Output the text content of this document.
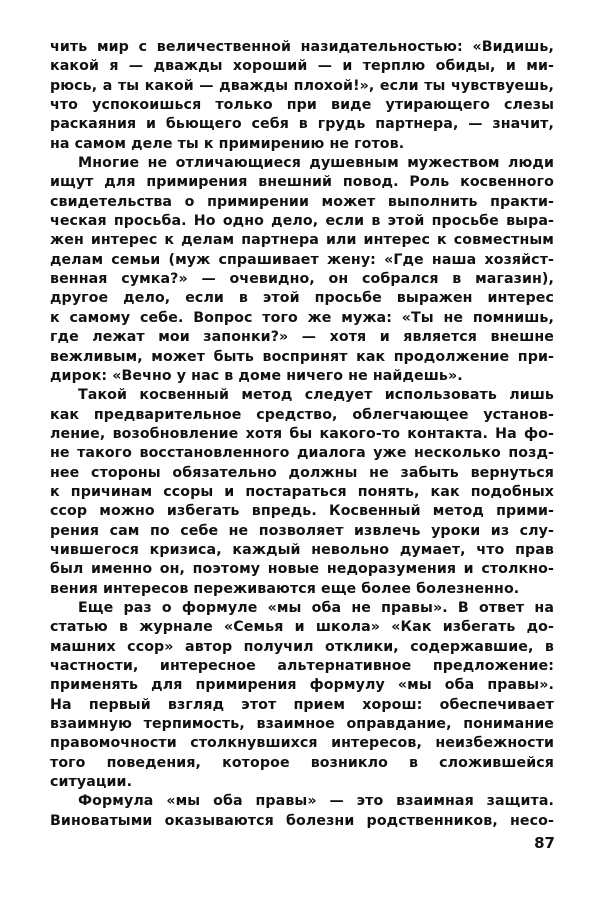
чить мир с величественной назидательностью: «Видишь,
какой я — дважды хороший — и терплю обиды, и ми-
рюсь, а ты какой — дважды плохой!», если ты чувствуешь,
что успокоишься только при виде утирающего слезы
раскаяния и бьющего себя в грудь партнера, — значит,
на самом деле ты к примирению не готов.
Многие не отличающиеся душевным мужеством люди
ищут для примирения внешний повод. Роль косвенного
свидетельства о примирении может выполнить практи-
ческая просьба. Но одно дело, если в этой просьбе выра-
жен интерес к делам партнера или интерес к совместным
делам семьи (муж спрашивает жену: «Где наша хозяйст-
венная сумка?» — очевидно, он собрался в магазин),
другое дело, если в этой просьбе выражен интерес
к самому себе. Вопрос того же мужа: «Ты не помнишь,
где лежат мои запонки?» — хотя и является внешне
вежливым, может быть воспринят как продолжение при-
дирок: «Вечно у нас в доме ничего не найдешь».
Такой косвенный метод следует использовать лишь
как предварительное средство, облегчающее установ-
ление, возобновление хотя бы какого-то контакта. На фо-
не такого восстановленного диалога уже несколько позд-
нее стороны обязательно должны не забыть вернуться
к причинам ссоры и постараться понять, как подобных
ссор можно избегать впредь. Косвенный метод прими-
рения сам по себе не позволяет извлечь уроки из слу-
чившегося кризиса, каждый невольно думает, что прав
был именно он, поэтому новые недоразумения и столкно-
вения интересов переживаются еще более болезненно.
Еще раз о формуле «мы оба не правы». В ответ на
статью в журнале «Семья и школа» «Как избегать до-
машних ссор» автор получил отклики, содержавшие, в
частности, интересное альтернативное предложение:
применять для примирения формулу «мы оба правы».
На первый взгляд этот прием хорош: обеспечивает
взаимную терпимость, взаимное оправдание, понимание
правомочности столкнувшихся интересов, неизбежности
того поведения, которое возникло в сложившейся
ситуации.
Формула «мы оба правы» — это взаимная защита.
Виноватыми оказываются болезни родственников, несо-
87
